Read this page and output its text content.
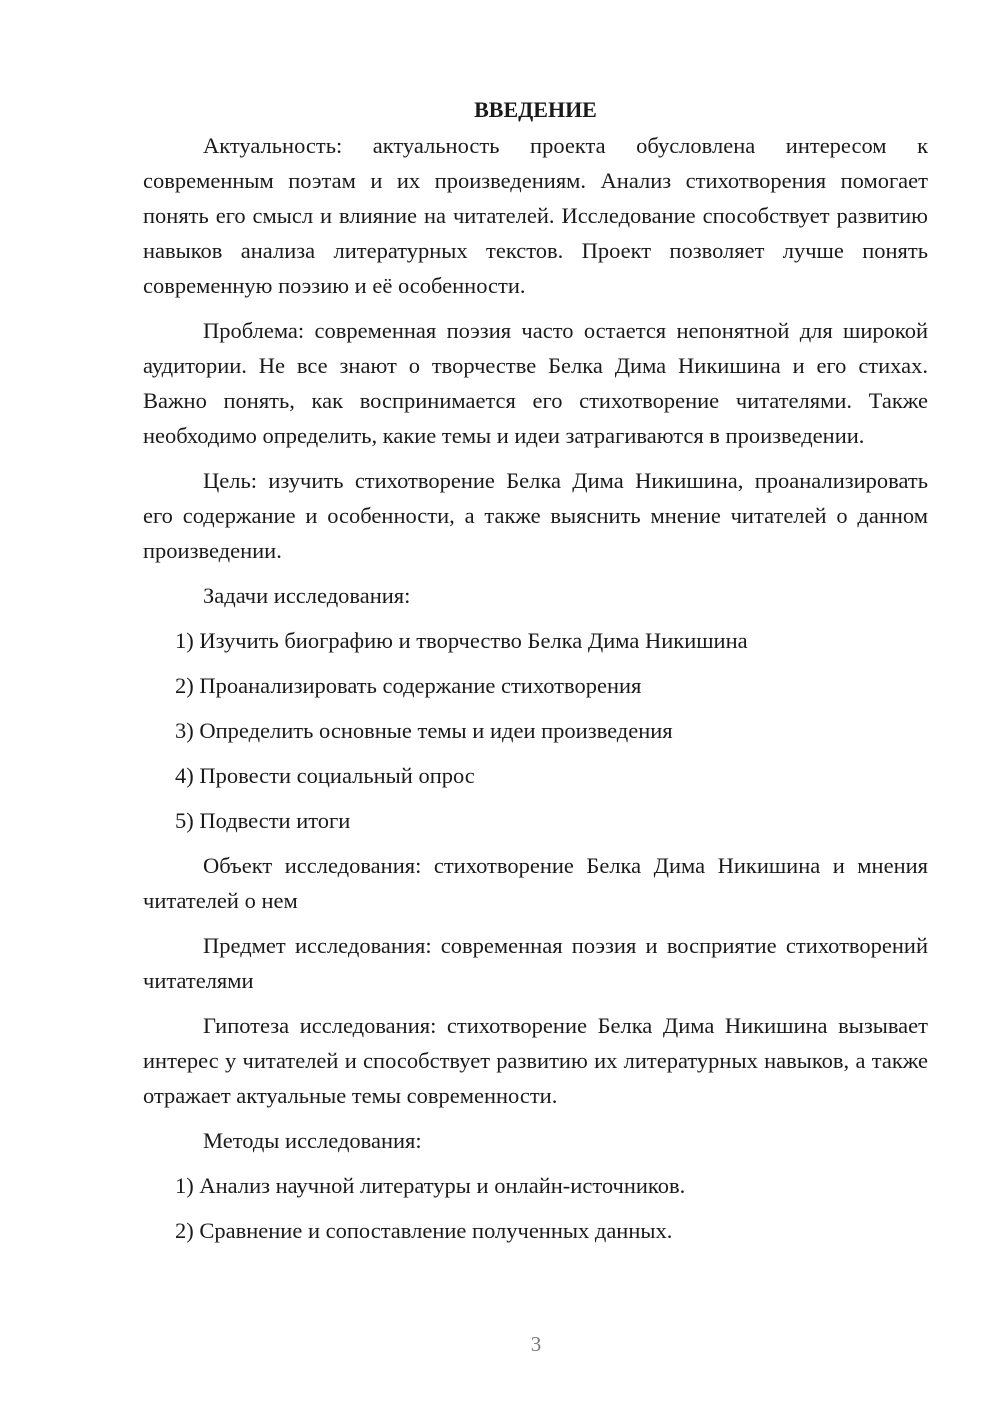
ВВЕДЕНИЕ

Актуальность: актуальность проекта обусловлена интересом к современным поэтам и их произведениям. Анализ стихотворения помогает понять его смысл и влияние на читателей. Исследование способствует развитию навыков анализа литературных текстов. Проект позволяет лучше понять современную поэзию и её особенности.

Проблема: современная поэзия часто остается непонятной для широкой аудитории. Не все знают о творчестве Белка Дима Никишина и его стихах. Важно понять, как воспринимается его стихотворение читателями. Также необходимо определить, какие темы и идеи затрагиваются в произведении.

Цель: изучить стихотворение Белка Дима Никишина, проанализировать его содержание и особенности, а также выяснить мнение читателей о данном произведении.

Задачи исследования:

1) Изучить биографию и творчество Белка Дима Никишина

2) Проанализировать содержание стихотворения

3) Определить основные темы и идеи произведения

4) Провести социальный опрос

5) Подвести итоги

Объект исследования: стихотворение Белка Дима Никишина и мнения читателей о нем

Предмет исследования: современная поэзия и восприятие стихотворений читателями

Гипотеза исследования: стихотворение Белка Дима Никишина вызывает интерес у читателей и способствует развитию их литературных навыков, а также отражает актуальные темы современности.

Методы исследования:

1) Анализ научной литературы и онлайн-источников.

2) Сравнение и сопоставление полученных данных.

3
